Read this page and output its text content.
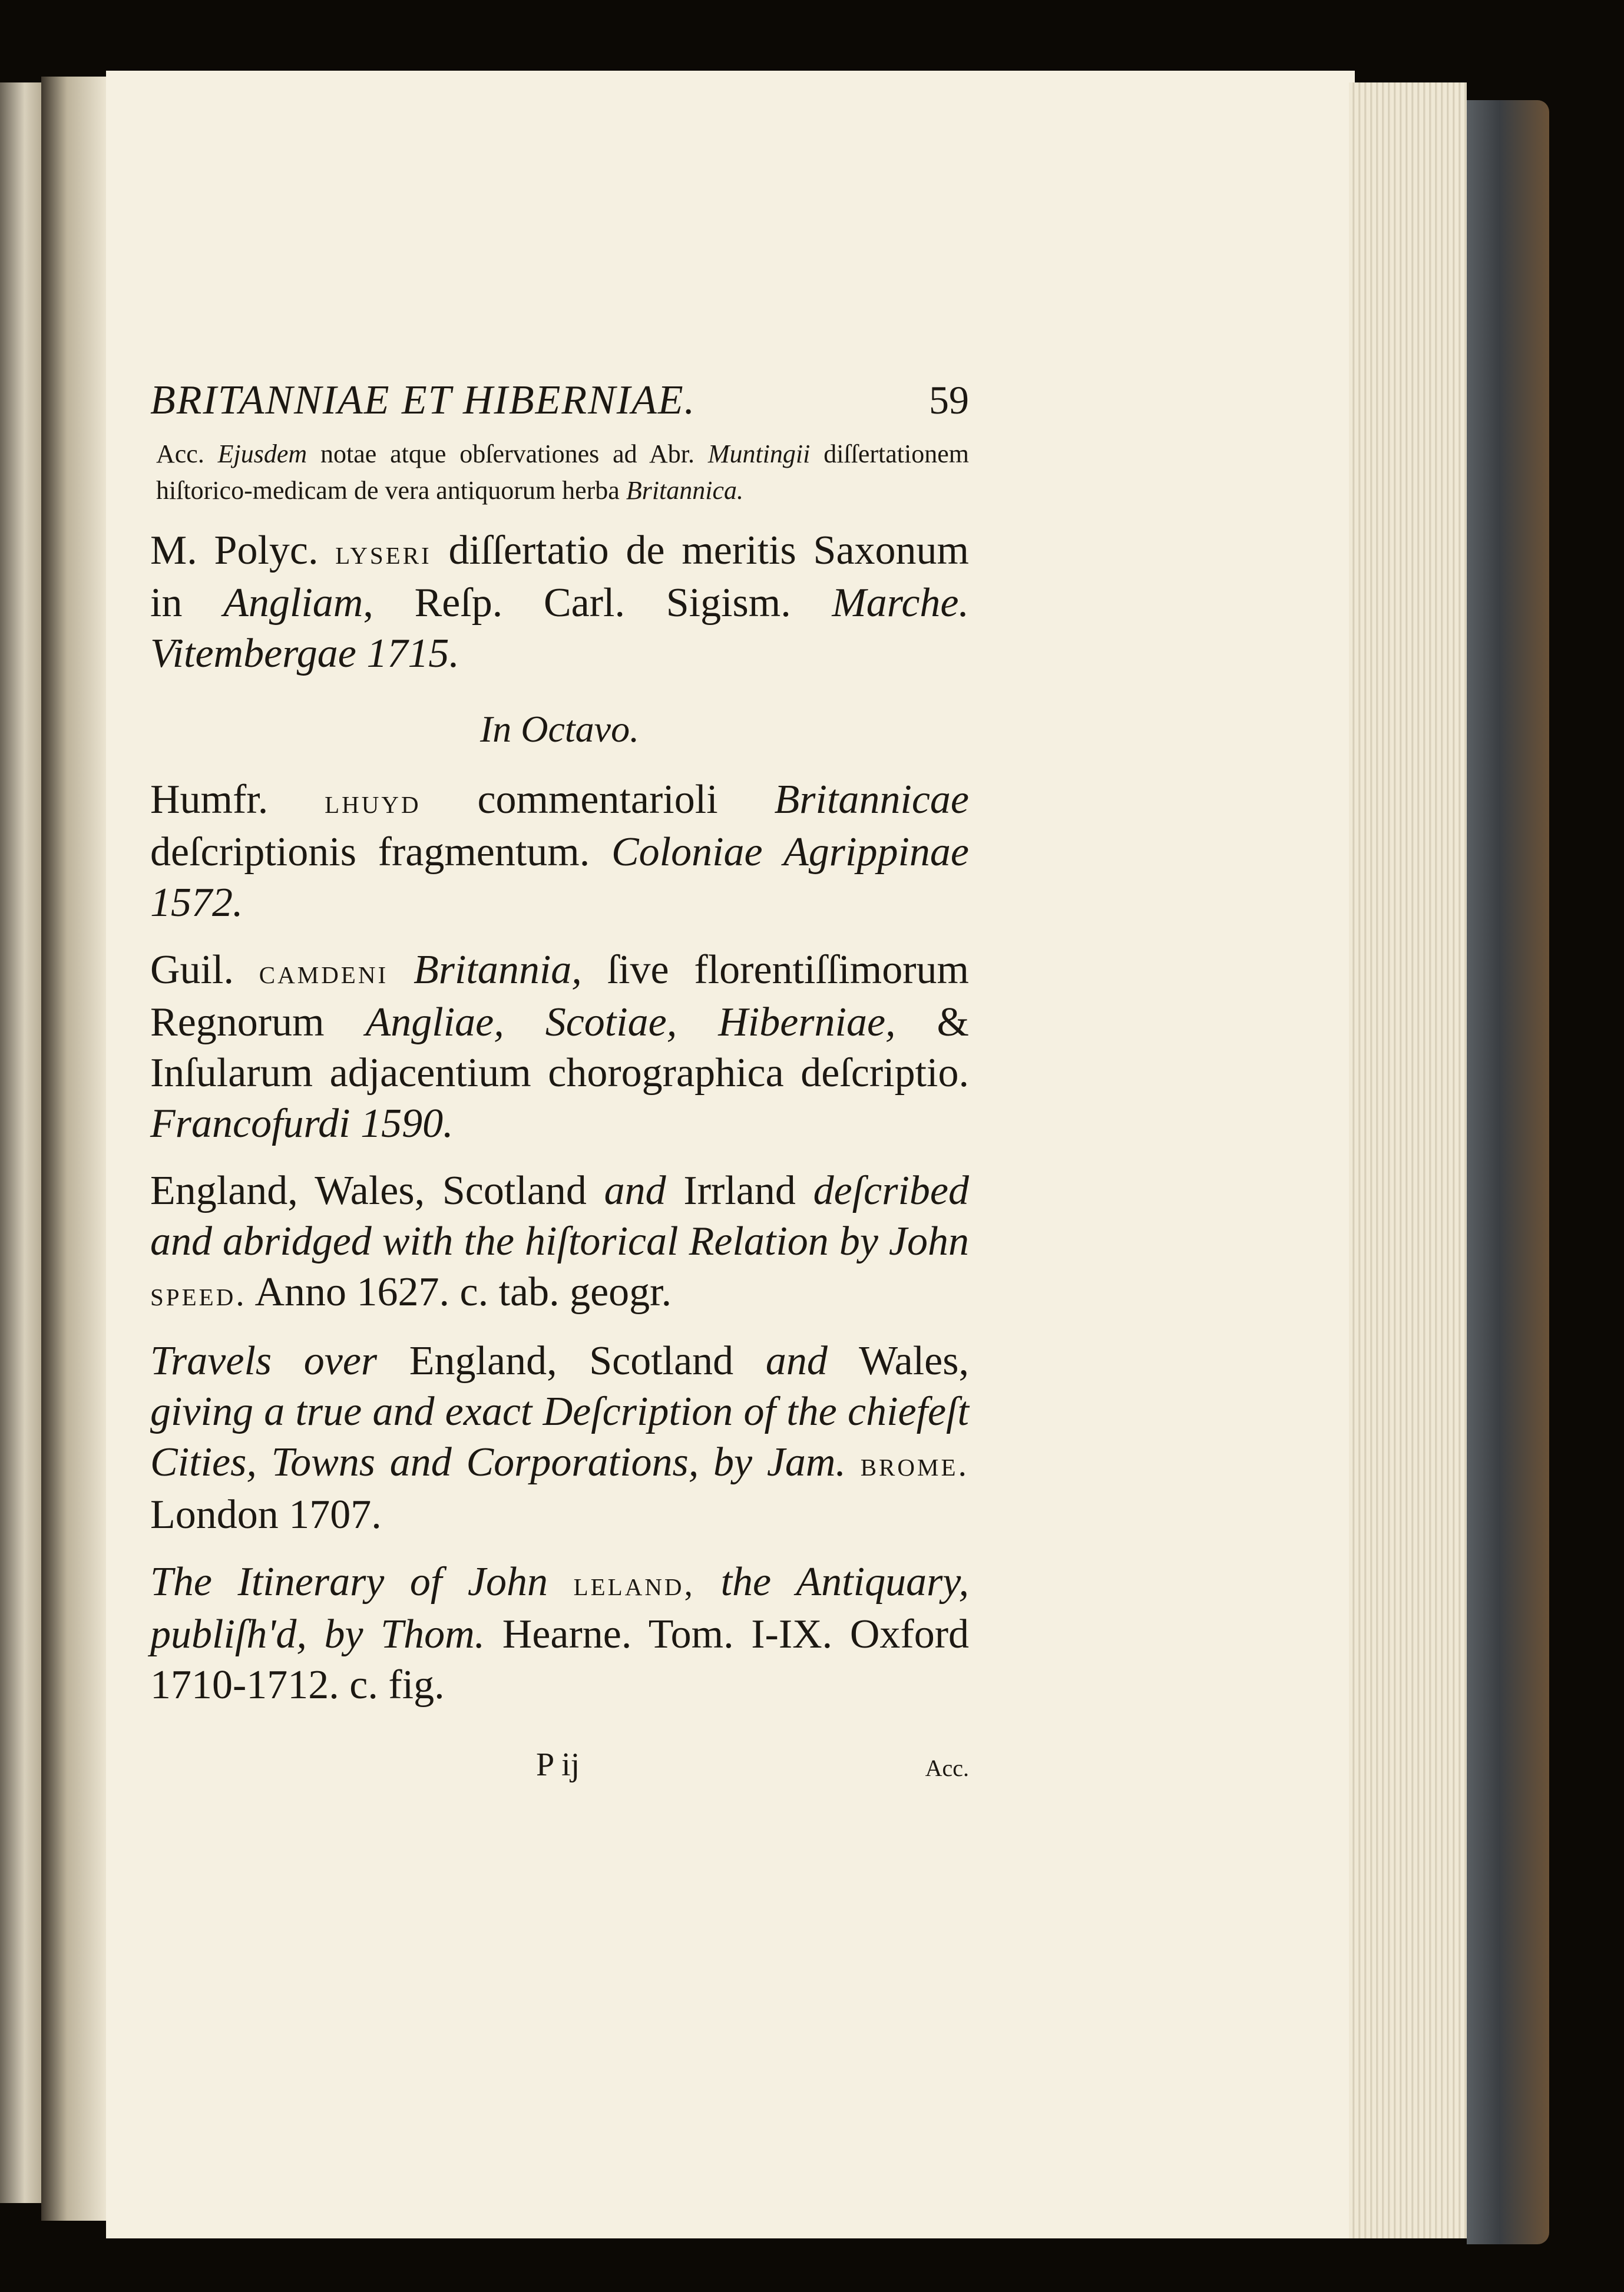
BRITANNIAE ET HIBERNIAE.	59
Acc. Ejusdem notae atque obſervationes ad Abr. Muntingii diſſertationem hiſtorico-medicam de vera antiquorum herba Britannica.
M. Polyc. lyseri diſſertatio de meritis Saxonum in Angliam, Reſp. Carl. Sigism. Marche. Vitembergae 1715.
In Octavo.
Humfr. lhuyd commentarioli Britannicae deſcriptionis fragmentum. Coloniae Agrippinae 1572.
Guil. camdeni Britannia, ſive florentiſſimorum Regnorum Angliae, Scotiae, Hiberniae, & Inſularum adjacentium chorographica deſcriptio. Francofurdi 1590.
England, Wales, Scotland and Irrland deſcribed and abridged with the hiſtorical Relation by John speed. Anno 1627. c. tab. geogr.
Travels over England, Scotland and Wales, giving a true and exact Deſcription of the chiefeſt Cities, Towns and Corporations, by Jam. brome. London 1707.
The Itinerary of John leland, the Antiquary, publiſh'd, by Thom. Hearne. Tom. I-IX. Oxford 1710-1712. c. fig.
P ij	Acc.
